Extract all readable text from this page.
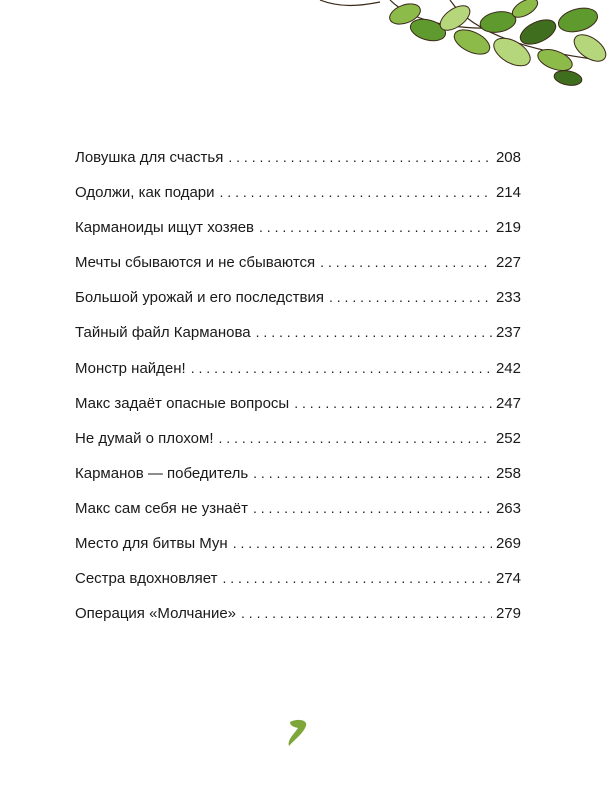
Ловушка для счастья . . .	208
Одолжи, как подари . . .	214
Карманоиды ищут хозяев . . .	219
Мечты сбываются и не сбываются . . .	227
Большой урожай и его последствия . . .	233
Тайный файл Карманова . . .	237
Монстр найден! . . .	242
Макс задаёт опасные вопросы . . .	247
Не думай о плохом! . . .	252
Карманов — победитель . . .	258
Макс сам себя не узнаёт . . .	263
Место для битвы Мун . . .	269
Сестра вдохновляет . . .	274
Операция «Молчание» . . .	279
